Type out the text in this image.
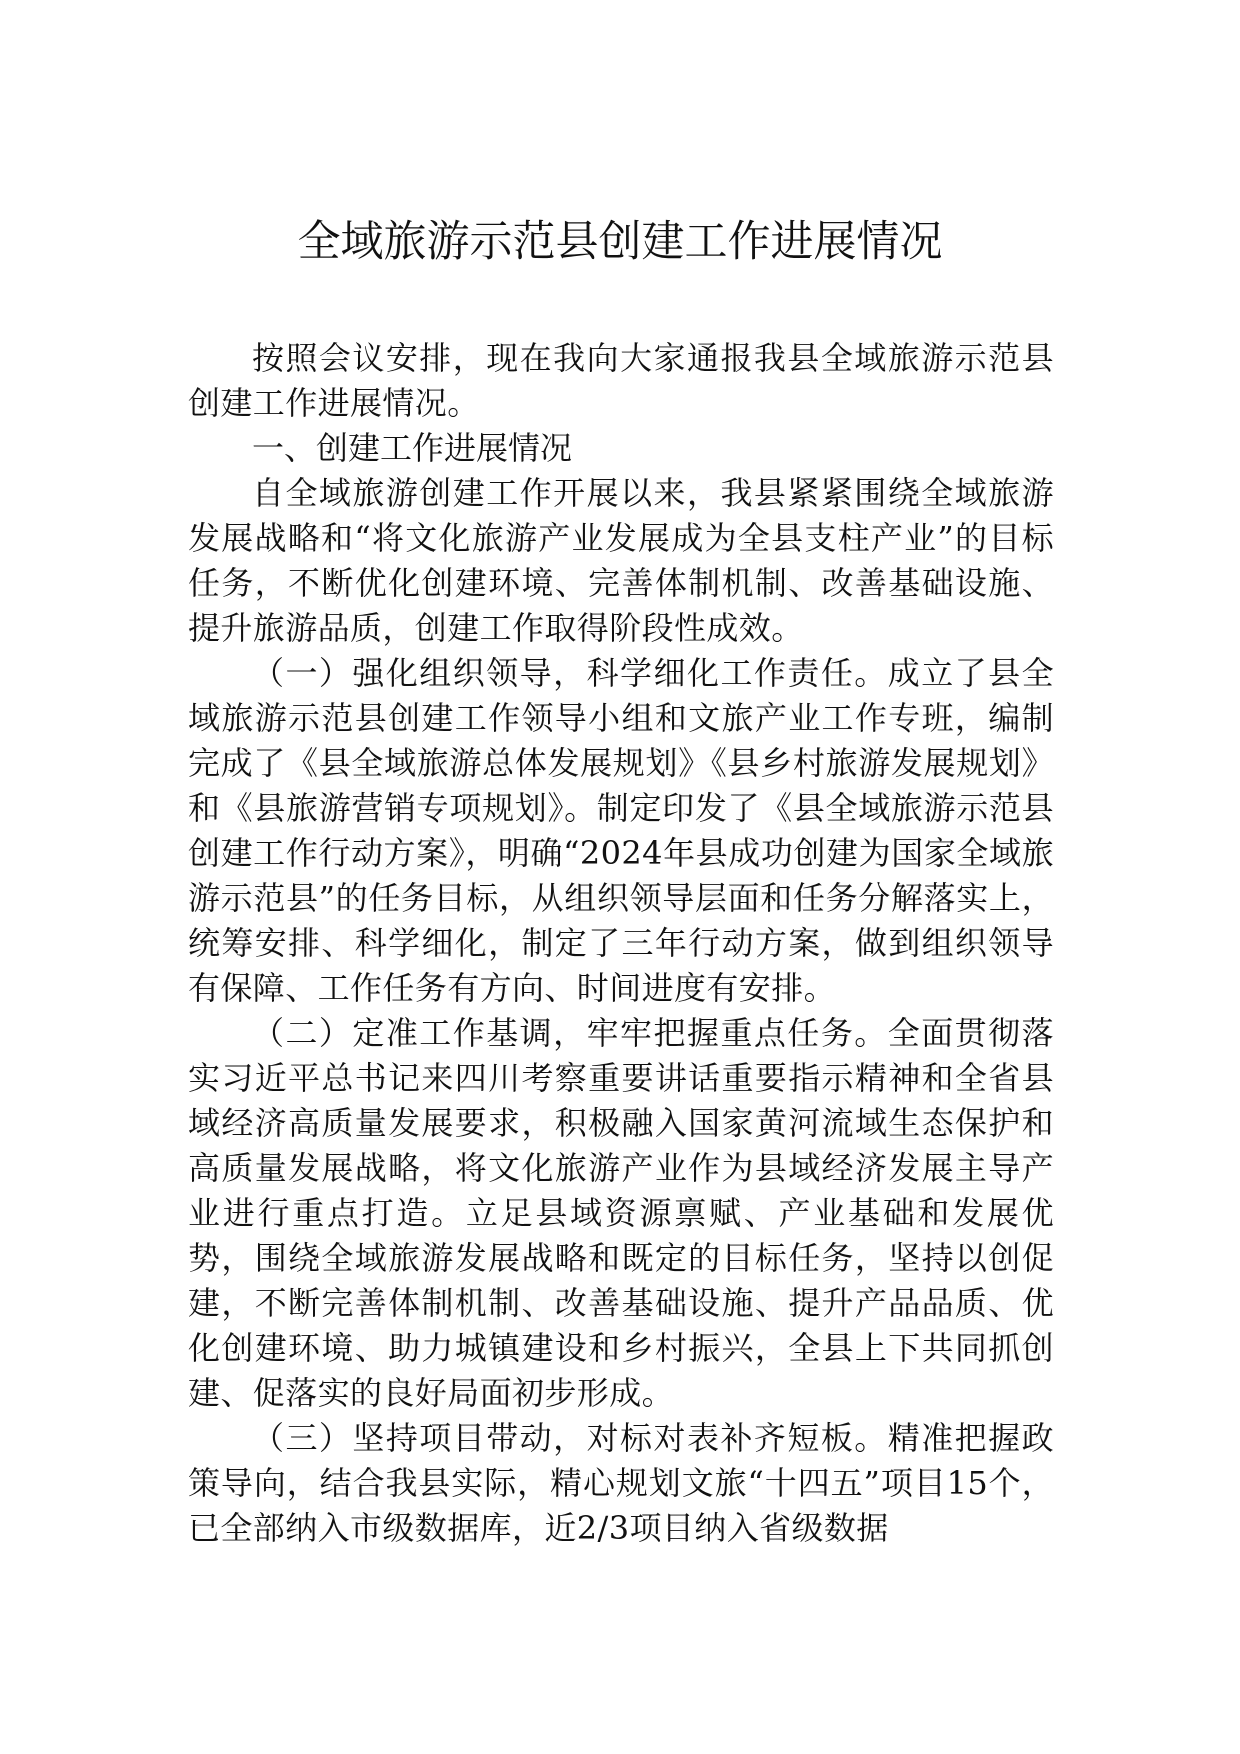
全域旅游示范县创建工作进展情况

按照会议安排，现在我向大家通报我县全域旅游示范县创建工作进展情况。

一、创建工作进展情况

自全域旅游创建工作开展以来，我县紧紧围绕全域旅游发展战略和“将文化旅游产业发展成为全县支柱产业”的目标任务，不断优化创建环境、完善体制机制、改善基础设施、提升旅游品质，创建工作取得阶段性成效。

（一）强化组织领导，科学细化工作责任。成立了县全域旅游示范县创建工作领导小组和文旅产业工作专班，编制完成了《县全域旅游总体发展规划》《县乡村旅游发展规划》和《县旅游营销专项规划》。制定印发了《县全域旅游示范县创建工作行动方案》，明确“2024年县成功创建为国家全域旅游示范县”的任务目标，从组织领导层面和任务分解落实上，统筹安排、科学细化，制定了三年行动方案，做到组织领导有保障、工作任务有方向、时间进度有安排。

（二）定准工作基调，牢牢把握重点任务。全面贯彻落实习近平总书记来四川考察重要讲话重要指示精神和全省县域经济高质量发展要求，积极融入国家黄河流域生态保护和高质量发展战略，将文化旅游产业作为县域经济发展主导产业进行重点打造。立足县域资源禀赋、产业基础和发展优势，围绕全域旅游发展战略和既定的目标任务，坚持以创促建，不断完善体制机制、改善基础设施、提升产品品质、优化创建环境、助力城镇建设和乡村振兴，全县上下共同抓创建、促落实的良好局面初步形成。

（三）坚持项目带动，对标对表补齐短板。精准把握政策导向，结合我县实际，精心规划文旅“十四五”项目15个，已全部纳入市级数据库，近2/3项目纳入省级数据
